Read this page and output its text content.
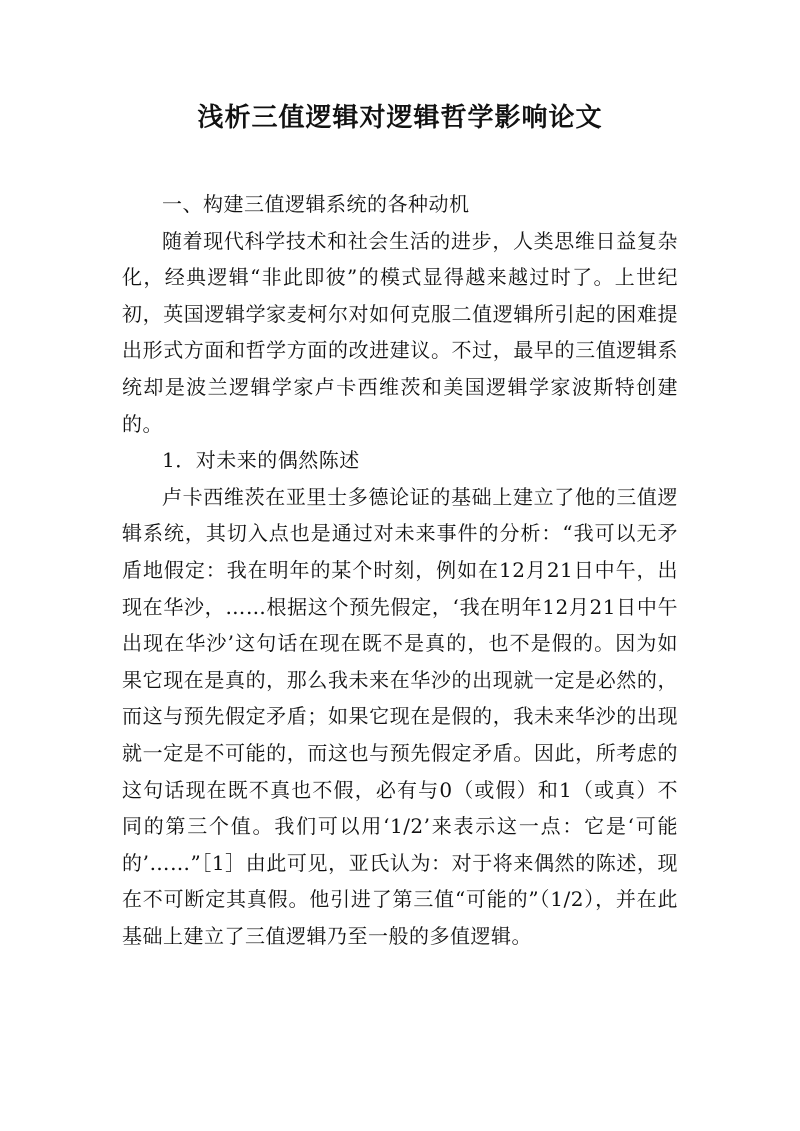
浅析三值逻辑对逻辑哲学影响论文

一、构建三值逻辑系统的各种动机

随着现代科学技术和社会生活的进步，人类思维日益复杂化，经典逻辑“非此即彼”的模式显得越来越过时了。上世纪初，英国逻辑学家麦柯尔对如何克服二值逻辑所引起的困难提出形式方面和哲学方面的改进建议。不过，最早的三值逻辑系统却是波兰逻辑学家卢卡西维茨和美国逻辑学家波斯特创建的。

1．对未来的偶然陈述

卢卡西维茨在亚里士多德论证的基础上建立了他的三值逻辑系统，其切入点也是通过对未来事件的分析：“我可以无矛盾地假定：我在明年的某个时刻，例如在12月21日中午，出现在华沙，……根据这个预先假定，‘我在明年12月21日中午出现在华沙’这句话在现在既不是真的，也不是假的。因为如果它现在是真的，那么我未来在华沙的出现就一定是必然的，而这与预先假定矛盾；如果它现在是假的，我未来华沙的出现就一定是不可能的，而这也与预先假定矛盾。因此，所考虑的这句话现在既不真也不假，必有与0（或假）和1（或真）不同的第三个值。我们可以用‘1/2’来表示这一点：它是‘可能的’……”［1］由此可见，亚氏认为：对于将来偶然的陈述，现在不可断定其真假。他引进了第三值“可能的”（1/2），并在此基础上建立了三值逻辑乃至一般的多值逻辑。
